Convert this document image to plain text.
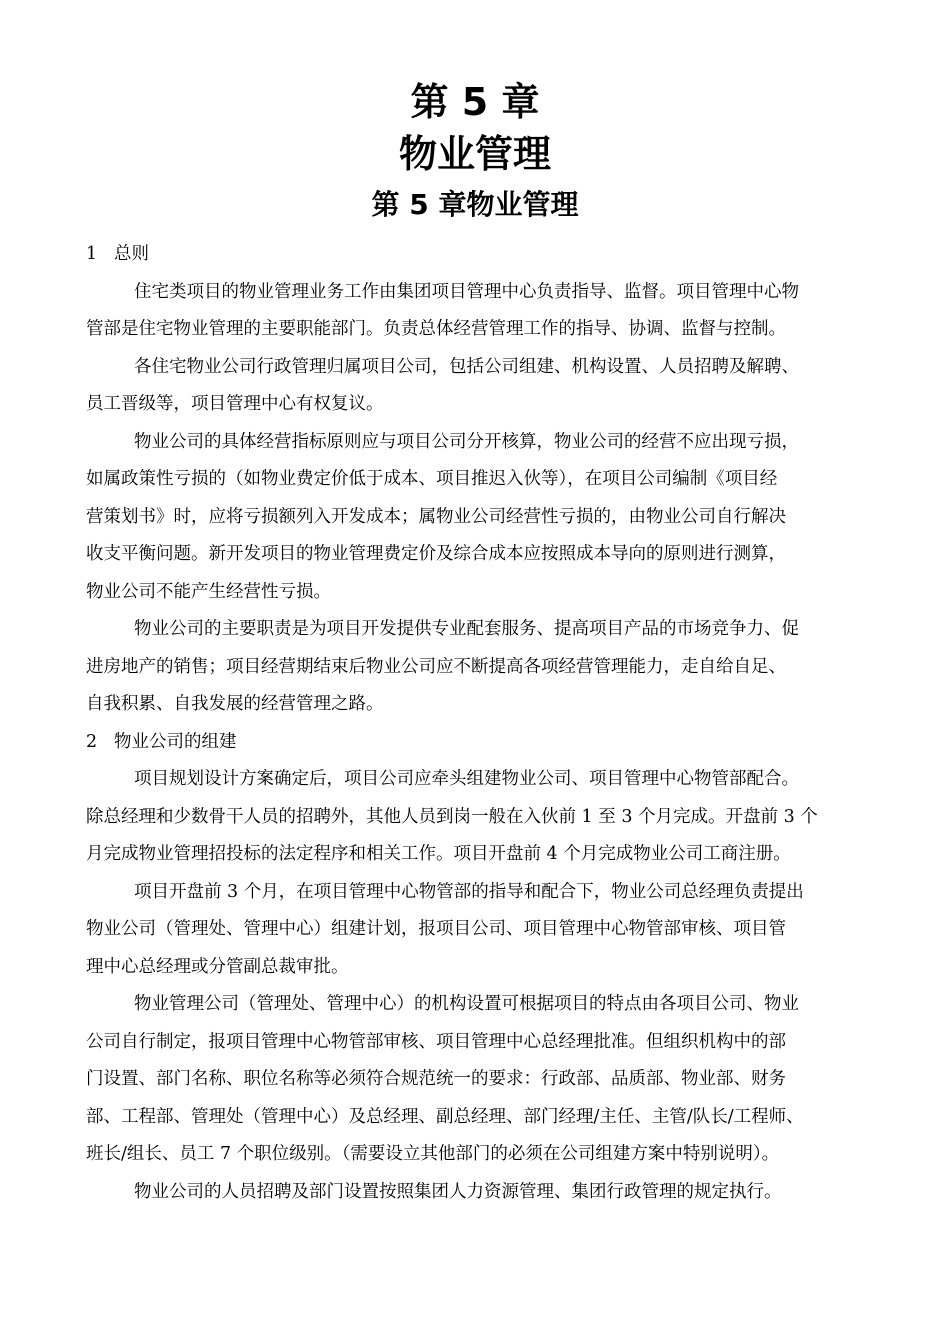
第 5 章
物业管理
第 5 章物业管理

1 总则

住宅类项目的物业管理业务工作由集团项目管理中心负责指导、监督。项目管理中心物
管部是住宅物业管理的主要职能部门。负责总体经营管理工作的指导、协调、监督与控制。

各住宅物业公司行政管理归属项目公司，包括公司组建、机构设置、人员招聘及解聘、
员工晋级等，项目管理中心有权复议。

物业公司的具体经营指标原则应与项目公司分开核算，物业公司的经营不应出现亏损，
如属政策性亏损的（如物业费定价低于成本、项目推迟入伙等），在项目公司编制《项目经
营策划书》时，应将亏损额列入开发成本；属物业公司经营性亏损的，由物业公司自行解决
收支平衡问题。新开发项目的物业管理费定价及综合成本应按照成本导向的原则进行测算，
物业公司不能产生经营性亏损。

物业公司的主要职责是为项目开发提供专业配套服务、提高项目产品的市场竞争力、促
进房地产的销售；项目经营期结束后物业公司应不断提高各项经营管理能力，走自给自足、
自我积累、自我发展的经营管理之路。

2 物业公司的组建

项目规划设计方案确定后，项目公司应牵头组建物业公司、项目管理中心物管部配合。
除总经理和少数骨干人员的招聘外，其他人员到岗一般在入伙前 1 至 3 个月完成。开盘前 3 个
月完成物业管理招投标的法定程序和相关工作。项目开盘前 4 个月完成物业公司工商注册。

项目开盘前 3 个月，在项目管理中心物管部的指导和配合下，物业公司总经理负责提出
物业公司（管理处、管理中心）组建计划，报项目公司、项目管理中心物管部审核、项目管
理中心总经理或分管副总裁审批。

物业管理公司（管理处、管理中心）的机构设置可根据项目的特点由各项目公司、物业
公司自行制定，报项目管理中心物管部审核、项目管理中心总经理批准。但组织机构中的部
门设置、部门名称、职位名称等必须符合规范统一的要求：行政部、品质部、物业部、财务
部、工程部、管理处（管理中心）及总经理、副总经理、部门经理/主任、主管/队长/工程师、
班长/组长、员工 7 个职位级别。（需要设立其他部门的必须在公司组建方案中特别说明）。

物业公司的人员招聘及部门设置按照集团人力资源管理、集团行政管理的规定执行。
